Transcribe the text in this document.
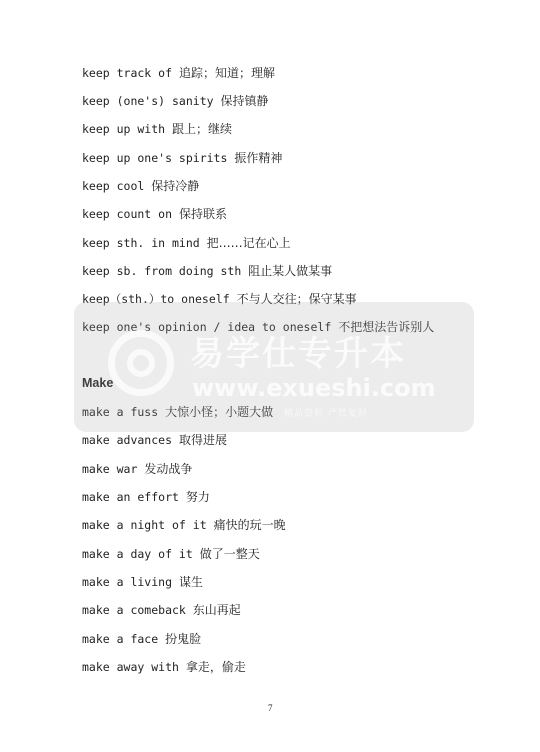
keep track of 追踪；知道；理解
keep (one's) sanity 保持镇静
keep up with 跟上；继续
keep up one's spirits 振作精神
keep cool 保持冷静
keep count on 保持联系
keep sth. in mind 把……记在心上
keep sb. from doing sth 阻止某人做某事
keep（sth.）to oneself 不与人交往；保守某事
keep one's opinion / idea to oneself 不把想法告诉别人
Make
make a fuss 大惊小怪；小题大做
make advances 取得进展
make war 发动战争
make an effort 努力
make a night of it 痛快的玩一晚
make a day of it 做了一整天
make a living 谋生
make a comeback 东山再起
make a face 扮鬼脸
make away with 拿走，偷走
易学仕专升本
www.exueshi.com
精品资料 严禁复制
7
